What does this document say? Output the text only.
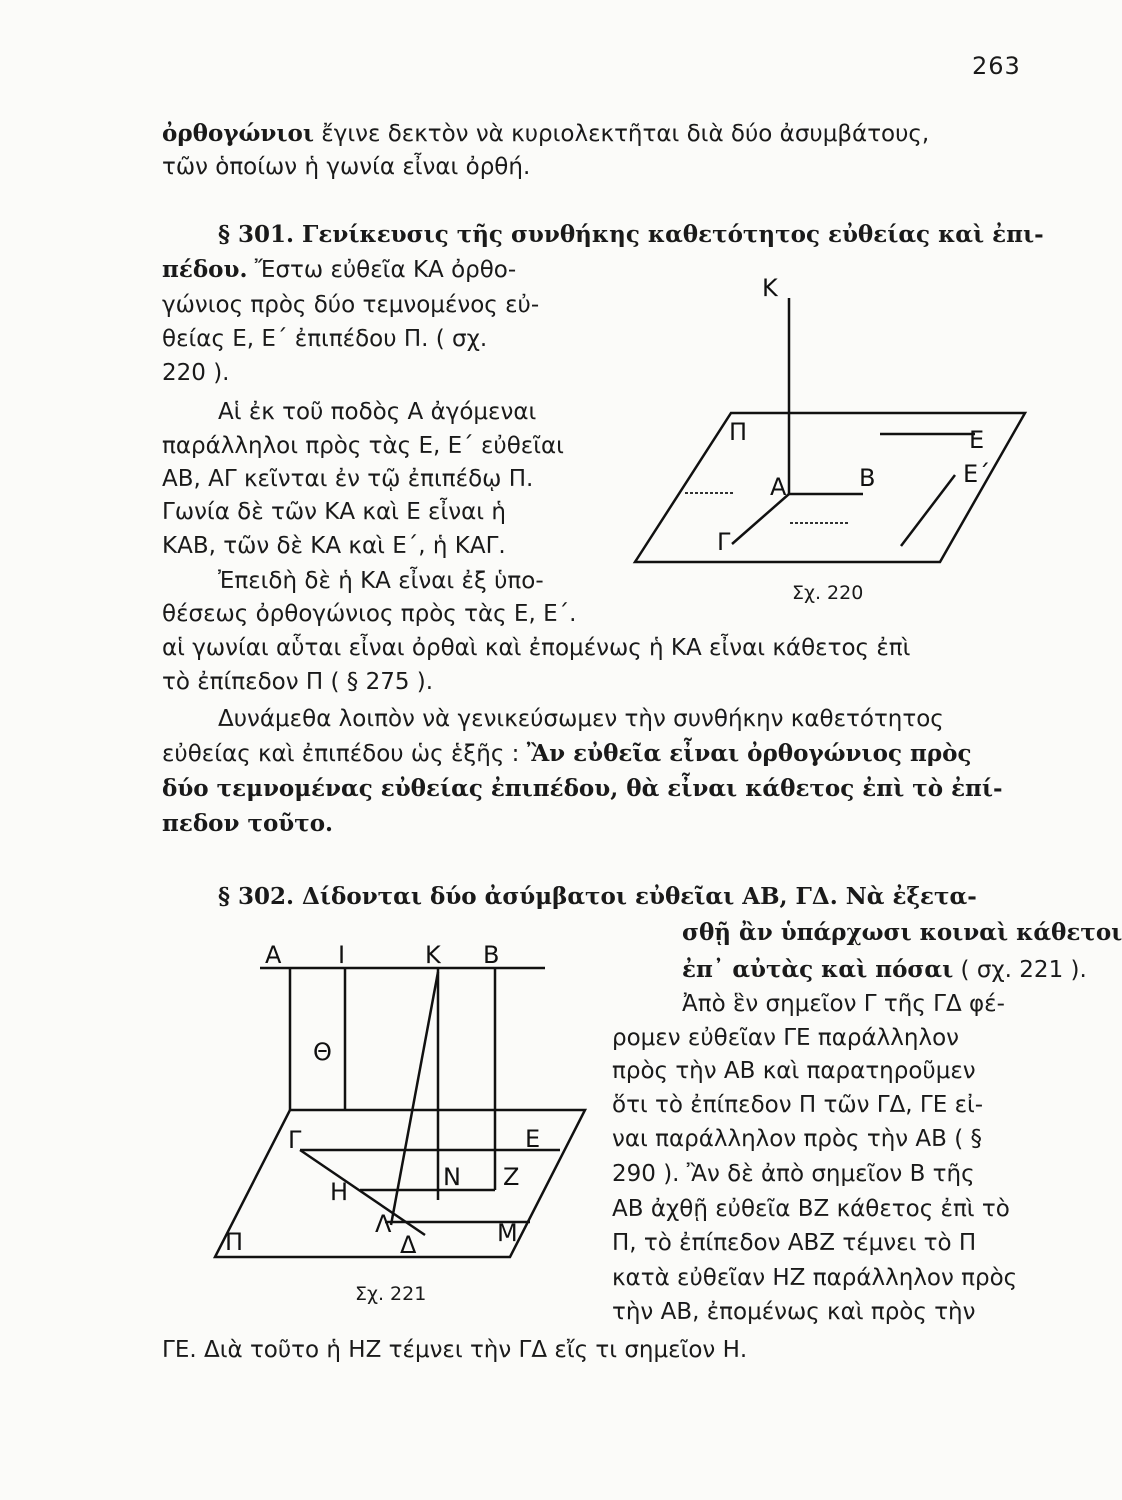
263
ὀρθογώνιοι ἔγινε δεκτὸν νὰ κυριολεκτῆται διὰ δύο ἀσυμβάτους,
τῶν ὁποίων ἡ γωνία εἶναι ὀρθή.
§ 301. Γενίκευσις τῆς συνθήκης καθετότητος εὐθείας καὶ ἐπι-
πέδου. Ἔστω εὐθεῖα ΚΑ ὀρθο-
γώνιος πρὸς δύο τεμνομένος εὐ-
θείας Ε, Ε΄ ἐπιπέδου Π. ( σχ.
220 ).
Αἱ ἐκ τοῦ ποδὸς Α ἀγόμεναι
παράλληλοι πρὸς τὰς Ε, Ε΄ εὐθεῖαι
ΑΒ, ΑΓ κεῖνται ἐν τῷ ἐπιπέδῳ Π.
Γωνία δὲ τῶν ΚΑ καὶ Ε εἶναι ἡ
ΚΑΒ, τῶν δὲ ΚΑ καὶ Ε΄, ἡ ΚΑΓ.
Ἐπειδὴ δὲ ἡ ΚΑ εἶναι ἐξ ὑπο-
θέσεως ὀρθογώνιος πρὸς τὰς Ε, Ε΄.
αἱ γωνίαι αὗται εἶναι ὀρθαὶ καὶ ἐπομένως ἡ ΚΑ εἶναι κάθετος ἐπὶ
τὸ ἐπίπεδον Π ( § 275 ).
Δυνάμεθα λοιπὸν νὰ γενικεύσωμεν τὴν συνθήκην καθετότητος
εὐθείας καὶ ἐπιπέδου ὡς ἑξῆς : Ἂν εὐθεῖα εἶναι ὀρθογώνιος πρὸς
δύο τεμνομένας εὐθείας ἐπιπέδου, θὰ εἶναι κάθετος ἐπὶ τὸ ἐπί-
πεδον τοῦτο.
Κ
Π	Ε
Ε΄
Α	Β
Γ
Σχ. 220
§ 302. Δίδονται δύο ἀσύμβατοι εὐθεῖαι ΑΒ, ΓΔ. Νὰ ἐξετα-
σθῇ ἂν ὑπάρχωσι κοιναὶ κάθετοι
ἐπ᾽ αὐτὰς καὶ πόσαι ( σχ. 221 ).
Ἀπὸ ἓν σημεῖον Γ τῆς ΓΔ φέ-
ρομεν εὐθεῖαν ΓΕ παράλληλον
πρὸς τὴν ΑΒ καὶ παρατηροῦμεν
ὅτι τὸ ἐπίπεδον Π τῶν ΓΔ, ΓΕ εἰ-
ναι παράλληλον πρὸς τὴν ΑΒ ( §
290 ). Ἂν δὲ ἀπὸ σημεῖον Β τῆς
ΑΒ ἀχθῇ εὐθεῖα ΒΖ κάθετος ἐπὶ τὸ
Π, τὸ ἐπίπεδον ΑΒΖ τέμνει τὸ Π
κατὰ εὐθεῖαν ΗΖ παράλληλον πρὸς
τὴν ΑΒ, ἐπομένως καὶ πρὸς τὴν
ΓΕ. Διὰ τοῦτο ἡ ΗΖ τέμνει τὴν ΓΔ εἴς τι σημεῖον Η.
Α Ι	Κ Β
Θ
Γ	Ε
Ν Ζ
Η
Λ
Δ	Μ
Π
Σχ. 221
